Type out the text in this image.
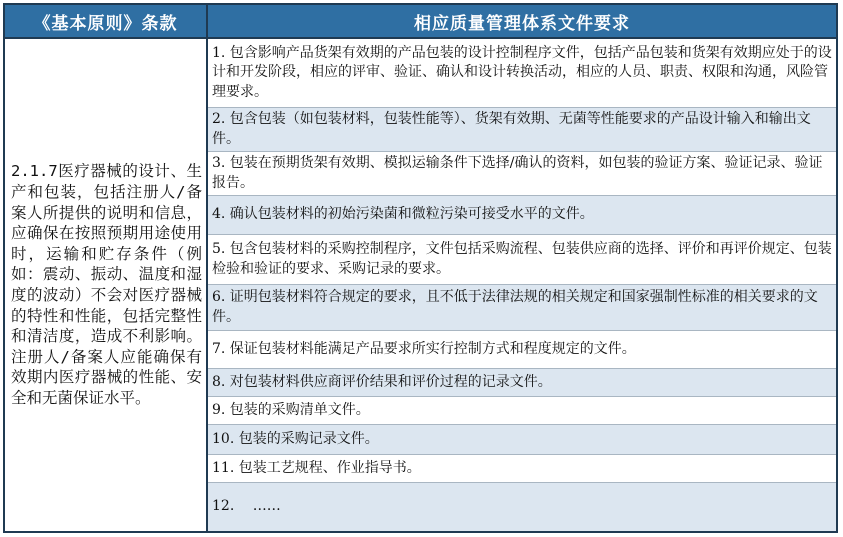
《基本原则》条款	相应质量管理体系文件要求
2.1.7医疗器械的设计、生产和包装，包括注册人/备案人所提供的说明和信息，应确保在按照预期用途使用时，运输和贮存条件（例如：震动、振动、温度和湿度的波动）不会对医疗器械的特性和性能，包括完整性和清洁度，造成不利影响。注册人/备案人应能确保有效期内医疗器械的性能、安全和无菌保证水平。
1. 包含影响产品货架有效期的产品包装的设计控制程序文件，包括产品包装和货架有效期应处于的设计和开发阶段，相应的评审、验证、确认和设计转换活动，相应的人员、职责、权限和沟通，风险管理要求。
2. 包含包装（如包装材料，包装性能等）、货架有效期、无菌等性能要求的产品设计输入和输出文件。
3. 包装在预期货架有效期、模拟运输条件下选择/确认的资料，如包装的验证方案、验证记录、验证报告。
4. 确认包装材料的初始污染菌和微粒污染可接受水平的文件。
5. 包含包装材料的采购控制程序，文件包括采购流程、包装供应商的选择、评价和再评价规定、包装检验和验证的要求、采购记录的要求。
6. 证明包装材料符合规定的要求，且不低于法律法规的相关规定和国家强制性标准的相关要求的文件。
7. 保证包装材料能满足产品要求所实行控制方式和程度规定的文件。
8. 对包装材料供应商评价结果和评价过程的记录文件。
9. 包装的采购清单文件。
10. 包装的采购记录文件。
11. 包装工艺规程、作业指导书。
12.　 ……
